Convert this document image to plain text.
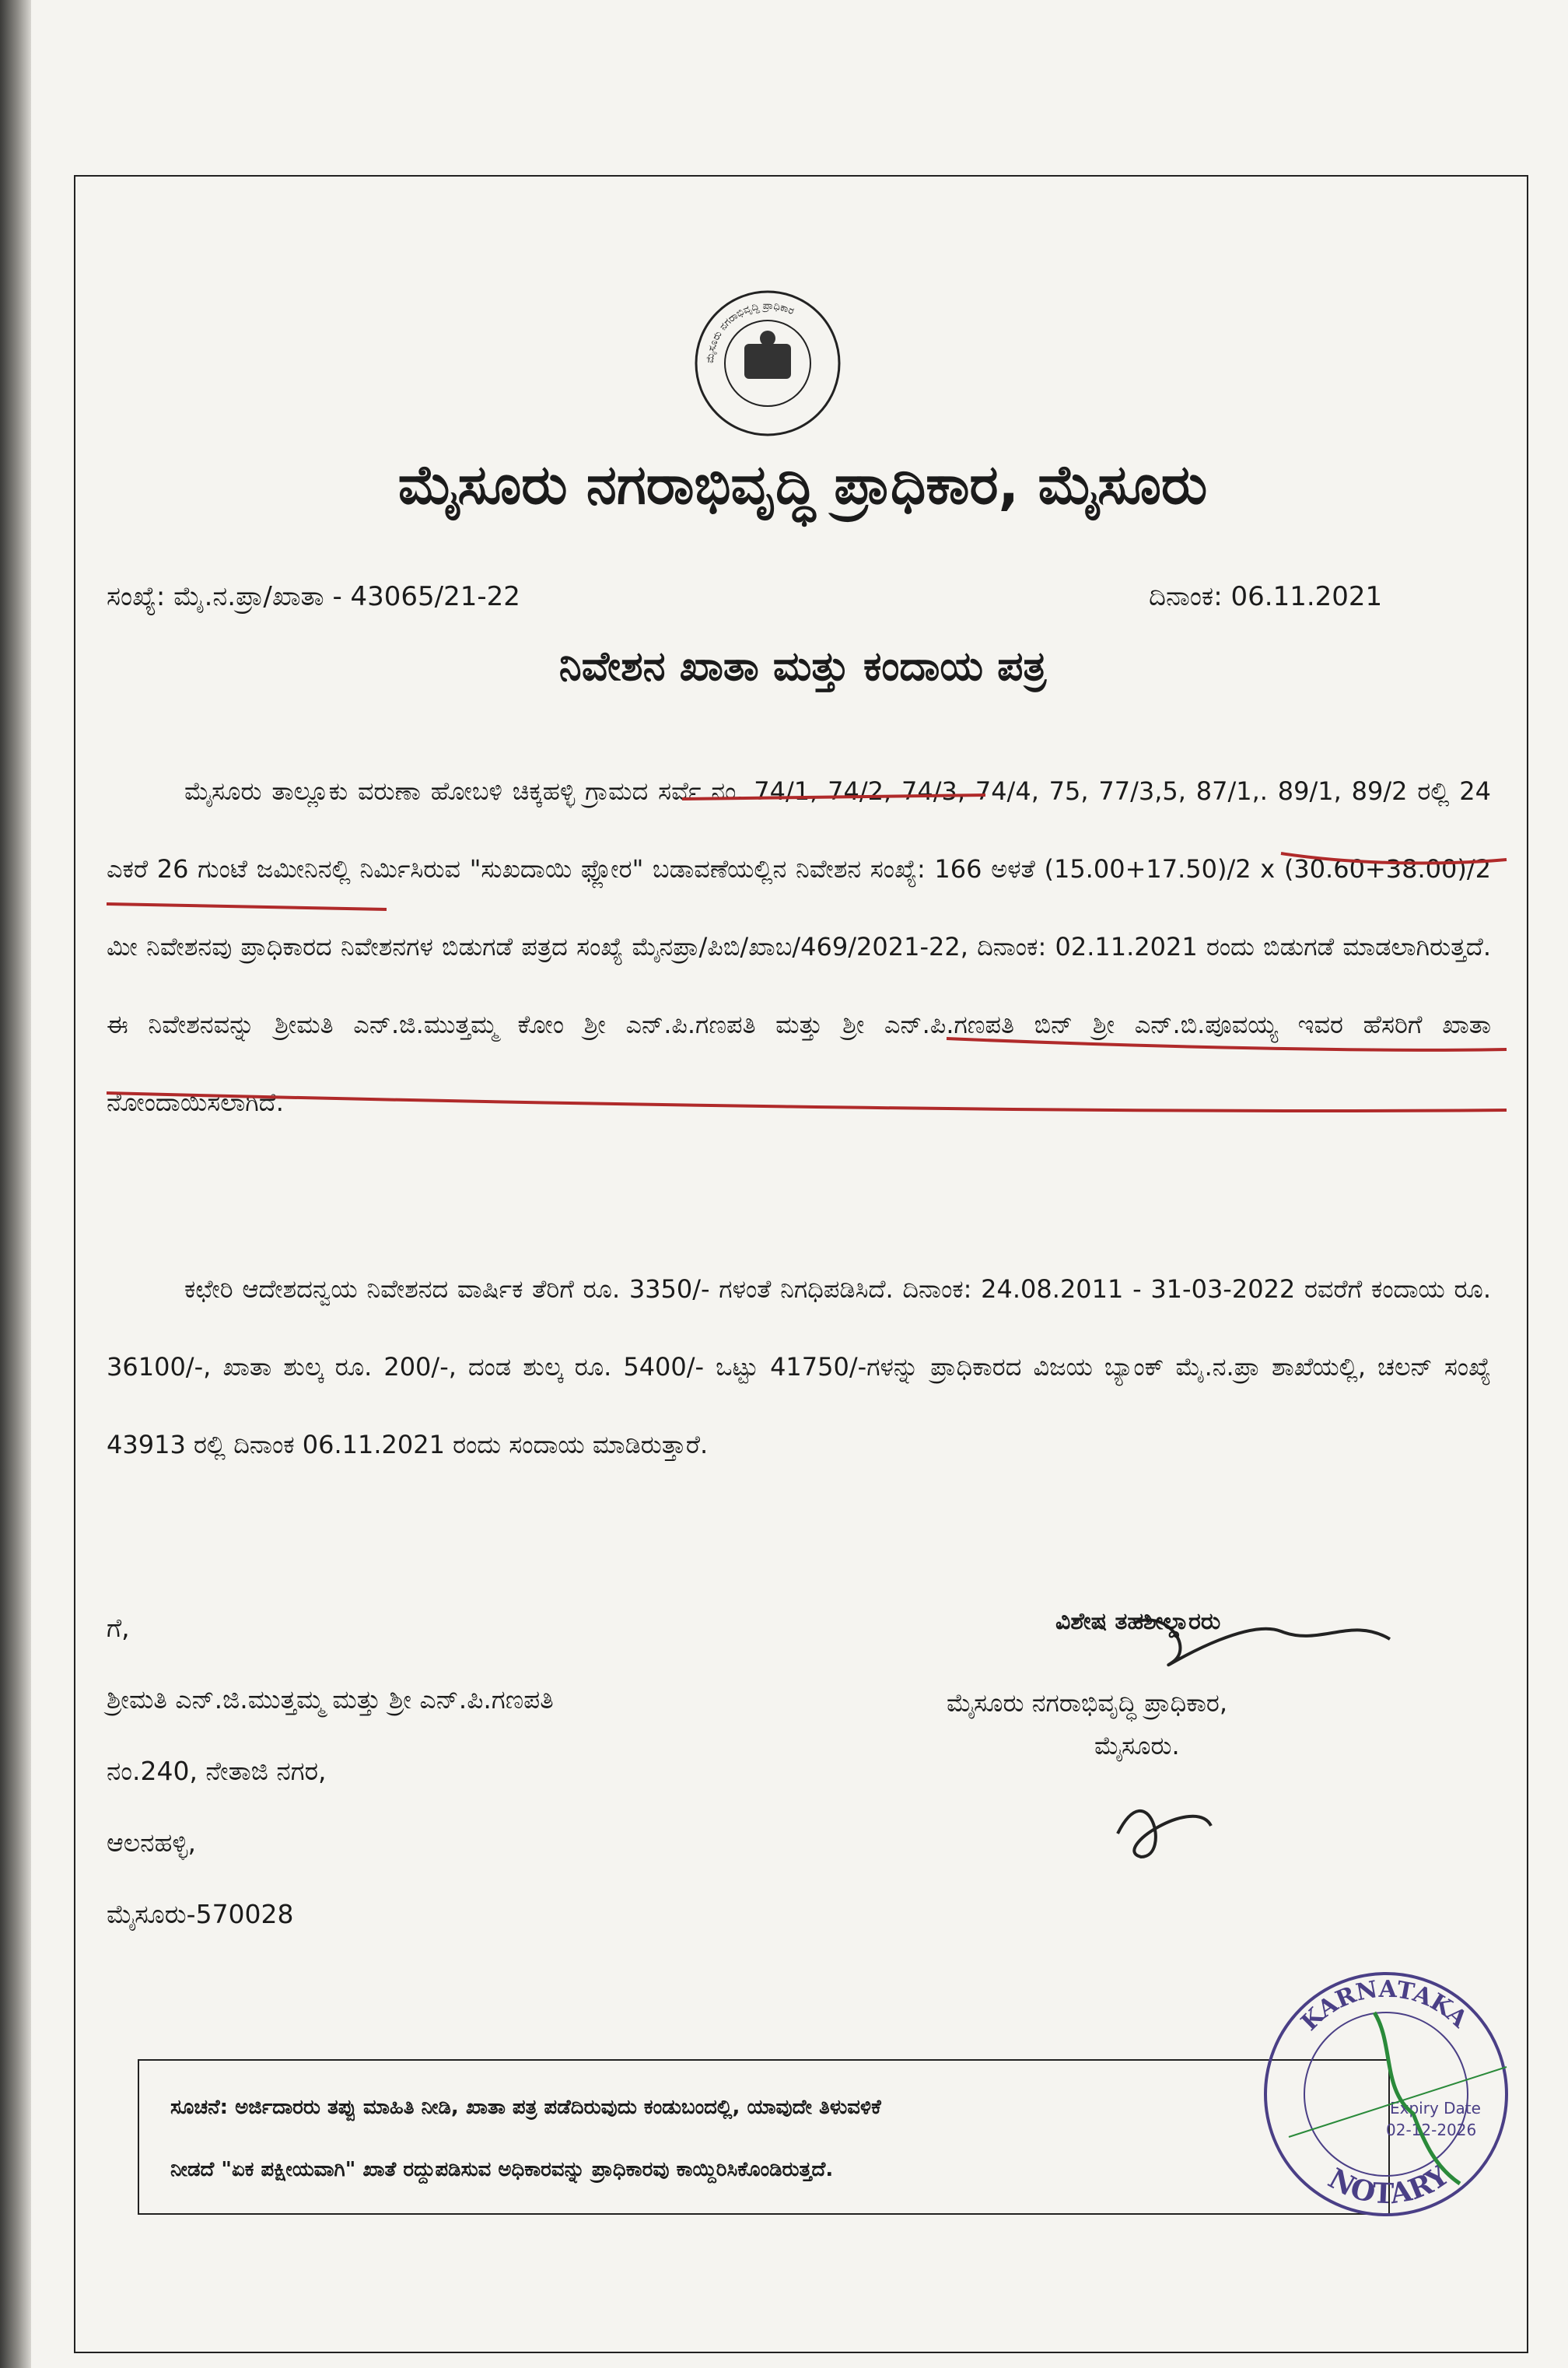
ಮೈಸೂರು ನಗರಾಭಿವೃದ್ಧಿ ಪ್ರಾಧಿಕಾರ
ಮೈಸೂರು ನಗರಾಭಿವೃದ್ಧಿ ಪ್ರಾಧಿಕಾರ, ಮೈಸೂರು
ಸಂಖ್ಯೆ: ಮೈ.ನ.ಪ್ರಾ/ಖಾತಾ - 43065/21-22	ದಿನಾಂಕ: 06.11.2021
ನಿವೇಶನ ಖಾತಾ ಮತ್ತು ಕಂದಾಯ ಪತ್ರ
ಮೈಸೂರು ತಾಲ್ಲೂಕು ವರುಣಾ ಹೋಬಳಿ ಚಿಕ್ಕಹಳ್ಳಿ ಗ್ರಾಮದ ಸರ್ವೆ ನಂ. 74/1, 74/2, 74/3, 74/4, 75, 77/3,5, 87/1,. 89/1, 89/2 ರಲ್ಲಿ 24 ಎಕರೆ 26 ಗುಂಟೆ ಜಮೀನಿನಲ್ಲಿ ನಿರ್ಮಿಸಿರುವ "ಸುಖದಾಯಿ ಫ್ಲೋರ" ಬಡಾವಣೆಯಲ್ಲಿನ ನಿವೇಶನ ಸಂಖ್ಯೆ: 166 ಅಳತೆ (15.00+17.50)/2 x (30.60+38.00)/2 ಮೀ ನಿವೇಶನವು ಪ್ರಾಧಿಕಾರದ ನಿವೇಶನಗಳ ಬಿಡುಗಡೆ ಪತ್ರದ ಸಂಖ್ಯೆ ಮೈನಪ್ರಾ/ಪಿಬಿ/ಖಾಬ/469/2021-22, ದಿನಾಂಕ: 02.11.2021 ರಂದು ಬಿಡುಗಡೆ ಮಾಡಲಾಗಿರುತ್ತದೆ. ಈ ನಿವೇಶನವನ್ನು ಶ್ರೀಮತಿ ಎನ್.ಜಿ.ಮುತ್ತಮ್ಮ ಕೋಂ ಶ್ರೀ ಎನ್.ಪಿ.ಗಣಪತಿ ಮತ್ತು ಶ್ರೀ ಎನ್.ಪಿ.ಗಣಪತಿ ಬಿನ್ ಶ್ರೀ ಎನ್.ಬಿ.ಪೂವಯ್ಯ ಇವರ ಹೆಸರಿಗೆ ಖಾತಾ ನೋಂದಾಯಿಸಲಾಗಿದೆ.
ಕಛೇರಿ ಆದೇಶದನ್ವಯ ನಿವೇಶನದ ವಾರ್ಷಿಕ ತೆರಿಗೆ ರೂ. 3350/- ಗಳಂತೆ ನಿಗಧಿಪಡಿಸಿದೆ. ದಿನಾಂಕ: 24.08.2011 - 31-03-2022 ರವರೆಗೆ ಕಂದಾಯ ರೂ. 36100/-, ಖಾತಾ ಶುಲ್ಕ ರೂ. 200/-, ದಂಡ ಶುಲ್ಕ ರೂ. 5400/- ಒಟ್ಟು 41750/-ಗಳನ್ನು ಪ್ರಾಧಿಕಾರದ ವಿಜಯ ಬ್ಯಾಂಕ್ ಮೈ.ನ.ಪ್ರಾ ಶಾಖೆಯಲ್ಲಿ, ಚಲನ್ ಸಂಖ್ಯೆ 43913 ರಲ್ಲಿ ದಿನಾಂಕ 06.11.2021 ರಂದು ಸಂದಾಯ ಮಾಡಿರುತ್ತಾರೆ.
ಗೆ,
ಶ್ರೀಮತಿ ಎನ್.ಜಿ.ಮುತ್ತಮ್ಮ ಮತ್ತು ಶ್ರೀ ಎನ್.ಪಿ.ಗಣಪತಿ
ನಂ.240, ನೇತಾಜಿ ನಗರ,
ಆಲನಹಳ್ಳಿ,
ಮೈಸೂರು-570028
ವಿಶೇಷ ತಹಶೀಲ್ದಾರರು
ಮೈಸೂರು ನಗರಾಭಿವೃದ್ಧಿ ಪ್ರಾಧಿಕಾರ,
ಮೈಸೂರು.
ಸೂಚನೆ: ಅರ್ಜಿದಾರರು ತಪ್ಪು ಮಾಹಿತಿ ನೀಡಿ, ಖಾತಾ ಪತ್ರ ಪಡೆದಿರುವುದು ಕಂಡುಬಂದಲ್ಲಿ, ಯಾವುದೇ ತಿಳುವಳಿಕೆ
ನೀಡದೆ "ಏಕ ಪಕ್ಷೀಯವಾಗಿ" ಖಾತೆ ರದ್ದುಪಡಿಸುವ ಅಧಿಕಾರವನ್ನು ಪ್ರಾಧಿಕಾರವು ಕಾಯ್ದಿರಿಸಿಕೊಂಡಿರುತ್ತದೆ.
KARNATAKA
NOTARY
Expiry Date
02-12-2026
